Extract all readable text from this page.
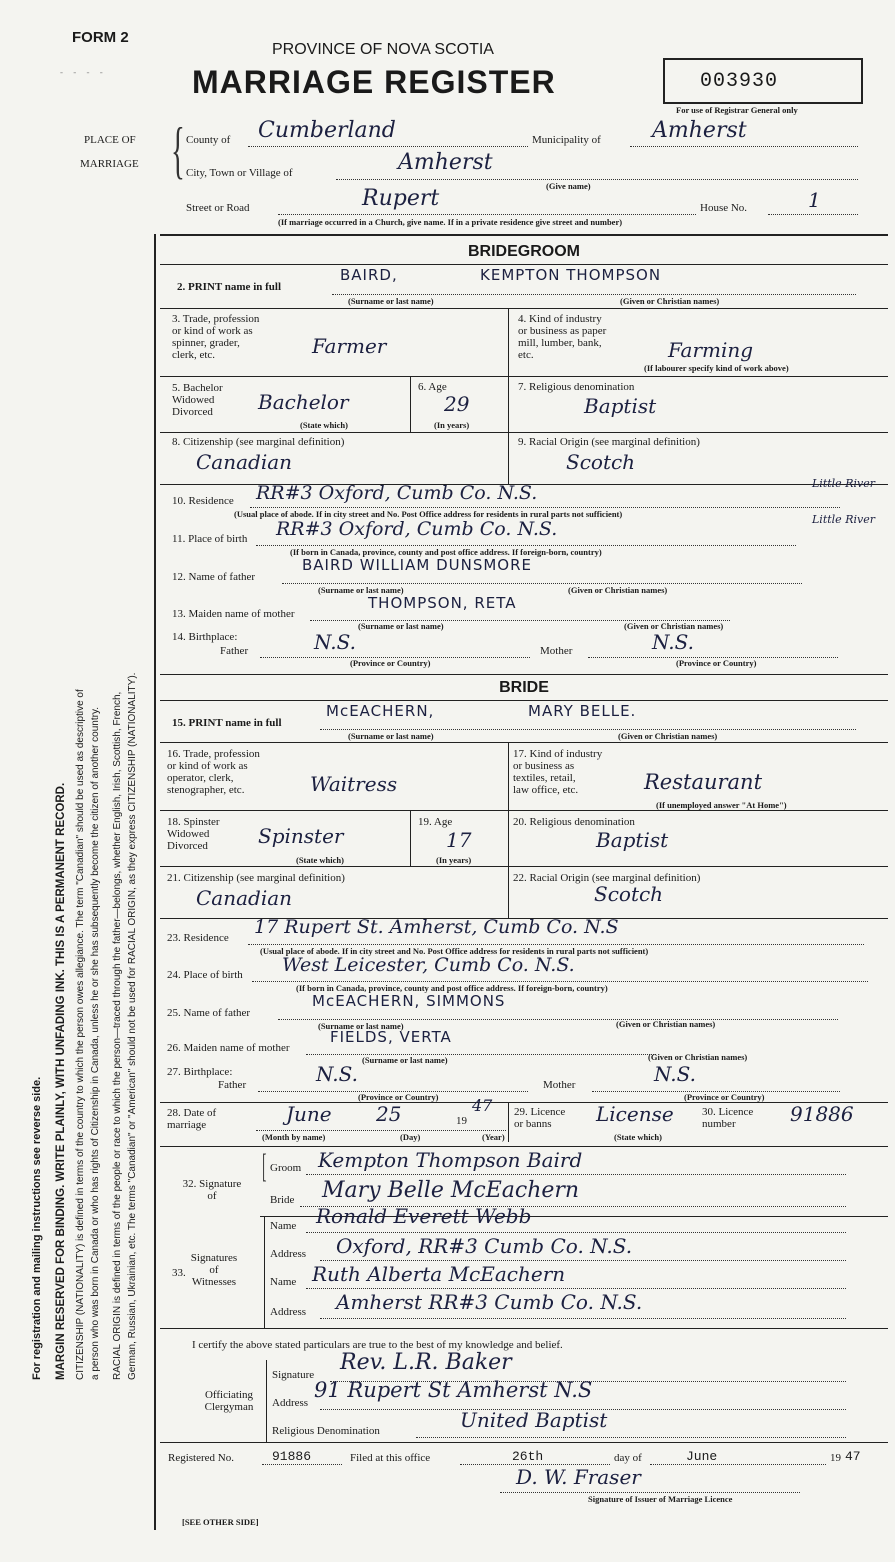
FORM 2
- - - -
PROVINCE OF NOVA SCOTIA
MARRIAGE REGISTER	003930
For use of Registrar General only
PLACE OF
MARRIAGE { County of Cumberland	Municipality of Amherst
City, Town or Village of	Amherst
(Give name)
Street or Road	Rupert	House No.	1
(If marriage occurred in a Church, give name. If in a private residence give street and number)
For registration and mailing instructions see reverse side.	MARGIN RESERVED FOR BINDING. WRITE PLAINLY, WITH UNFADING INK. THIS IS A PERMANENT RECORD. CITIZENSHIP (NATIONALITY) is defined in terms of the country to which the person owes allegiance. The term "Canadian" should be used as descriptive of a person who was born in Canada or who has rights of Citizenship in Canada, unless he or she has subsequently become the citizen of another country.	RACIAL ORIGIN is defined in terms of the people or race to which the person—traced through the father—belongs, whether English, Irish, Scottish, French, German, Russian, Ukrainian, etc. The terms "Canadian" or "American" should not be used for RACIAL ORIGIN, as they express CITIZENSHIP (NATIONALITY).
BRIDEGROOM
2. PRINT name in full
BAIRD,	KEMPTON THOMPSON
(Surname or last name)	(Given or Christian names)
3. Trade, profession
or kind of work as
spinner, grader,
clerk, etc.	Farmer
4. Kind of industry
or business as paper
mill, lumber, bank,
etc.	Farming
(If labourer specify kind of work above)
5. Bachelor
Widowed
Divorced	Bachelor
(State which)
6. Age
29
(In years)
7. Religious denomination
Baptist
8. Citizenship (see marginal definition)
Canadian
9. Racial Origin (see marginal definition)
Scotch
10. Residence RR#3 Oxford, Cumb Co. N.S.	Little River
(Usual place of abode. If in city street and No. Post Office address for residents in rural parts not sufficient)
11. Place of birth RR#3 Oxford, Cumb Co. N.S.	Little River
(If born in Canada, province, county and post office address. If foreign-born, country)
12. Name of father
BAIRD WILLIAM DUNSMORE
(Surname or last name)	(Given or Christian names)
13. Maiden name of mother
THOMPSON, RETA
(Surname or last name)	(Given or Christian names)
14. Birthplace:
Father	N.S.
(Province or Country)
Mother	N.S.
(Province or Country)
BRIDE
15. PRINT name in full
McEACHERN,	MARY BELLE.
(Surname or last name)	(Given or Christian names)
16. Trade, profession
or kind of work as
operator, clerk,
stenographer, etc.	Waitress
17. Kind of industry
or business as
textiles, retail,
law office, etc.	Restaurant
(If unemployed answer "At Home")
18. Spinster
Widowed
Divorced	Spinster
(State which)
19. Age
17
(In years)
20. Religious denomination
Baptist
21. Citizenship (see marginal definition)
Canadian
22. Racial Origin (see marginal definition)
Scotch
23. Residence 17 Rupert St. Amherst, Cumb Co. N.S
(Usual place of abode. If in city street and No. Post Office address for residents in rural parts not sufficient)
24. Place of birth West Leicester, Cumb Co. N.S.
(If born in Canada, province, county and post office address. If foreign-born, country)
25. Name of father
McEACHERN, SIMMONS
(Surname or last name)	(Given or Christian names)
26. Maiden name of mother
FIELDS, VERTA
(Surname or last name)	(Given or Christian names)
27. Birthplace:
Father	N.S.
(Province or Country)
Mother	N.S.
(Province or Country)
28. Date of
marriage	June 25	19
47
(Month by name)	(Day)	(Year)
29. Licence
or banns	License
(State which)
30. Licence
number	91886
32. Signature
of
[ Groom Kempton Thompson Baird
Bride Mary Belle McEachern
Signatures
of
Witnesses
33.
Name Ronald Everett Webb
Address Oxford, RR#3 Cumb Co. N.S.
Name Ruth Alberta McEachern
Address Amherst RR#3 Cumb Co. N.S.
I certify the above stated particulars are true to the best of my knowledge and belief.
Officiating
Clergyman
Signature Rev. L.R. Baker
Address
91 Rupert St Amherst N.S
Religious Denomination	United Baptist
Registered No.	91886	Filed at this office	26th	day of	June	19 47
D. W. Fraser
Signature of Issuer of Marriage Licence
[SEE OTHER SIDE]
